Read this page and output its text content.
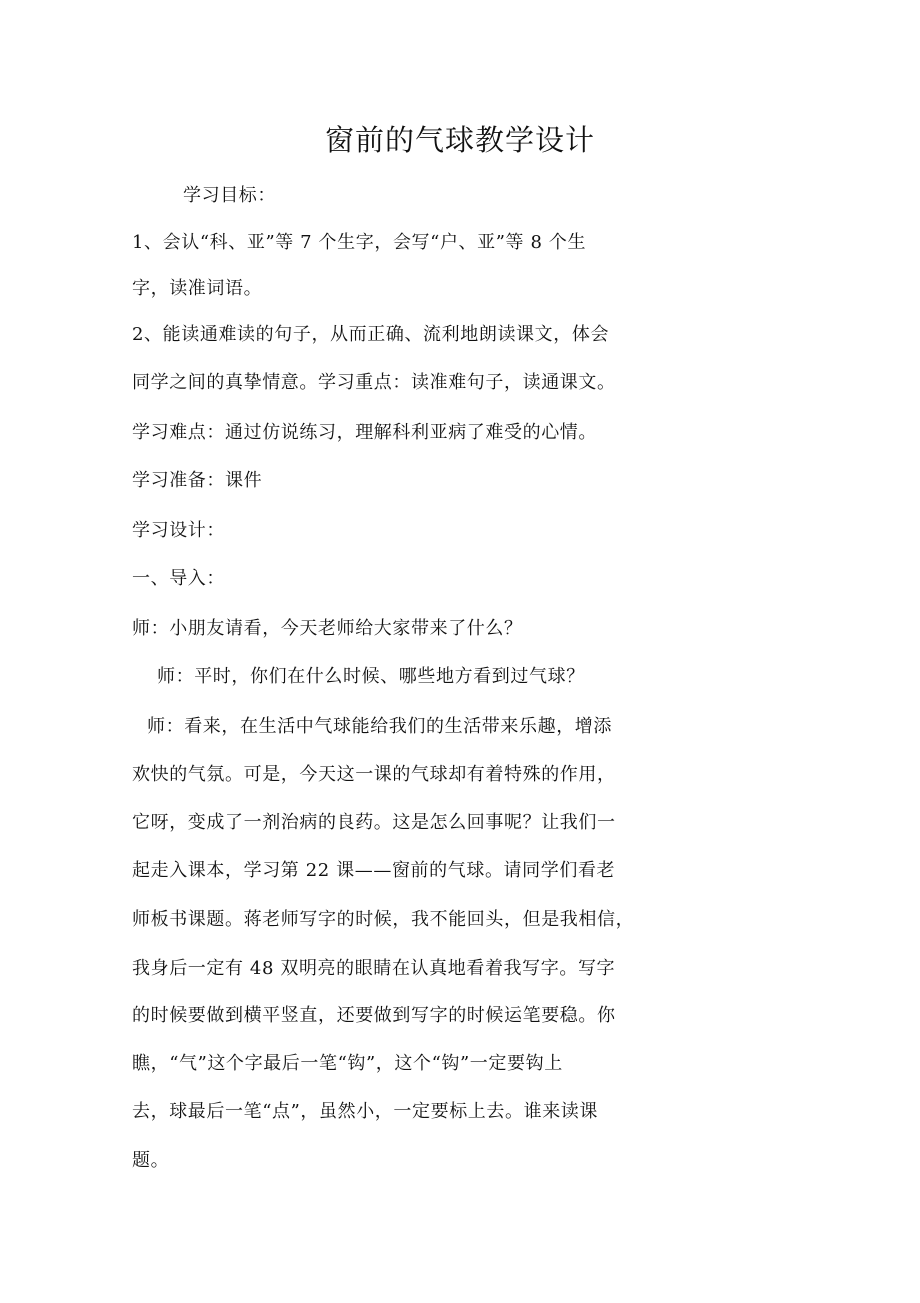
窗前的气球教学设计

学习目标：

1、会认“科、亚”等 7 个生字，会写“户、亚”等 8 个生

字，读准词语。

2、能读通难读的句子，从而正确、流利地朗读课文，体会

同学之间的真挚情意。学习重点：读准难句子，读通课文。

学习难点：通过仿说练习，理解科利亚病了难受的心情。

学习准备：课件

学习设计：

一、导入：

师：小朋友请看，今天老师给大家带来了什么？

师：平时，你们在什么时候、哪些地方看到过气球？

师：看来，在生活中气球能给我们的生活带来乐趣，增添

欢快的气氛。可是，今天这一课的气球却有着特殊的作用，

它呀，变成了一剂治病的良药。这是怎么回事呢？让我们一

起走入课本，学习第 22 课——窗前的气球。请同学们看老

师板书课题。蒋老师写字的时候，我不能回头，但是我相信，

我身后一定有 48 双明亮的眼睛在认真地看着我写字。写字

的时候要做到横平竖直，还要做到写字的时候运笔要稳。你

瞧，“气”这个字最后一笔“钩”，这个“钩”一定要钩上

去，球最后一笔“点”，虽然小，一定要标上去。谁来读课

题。
